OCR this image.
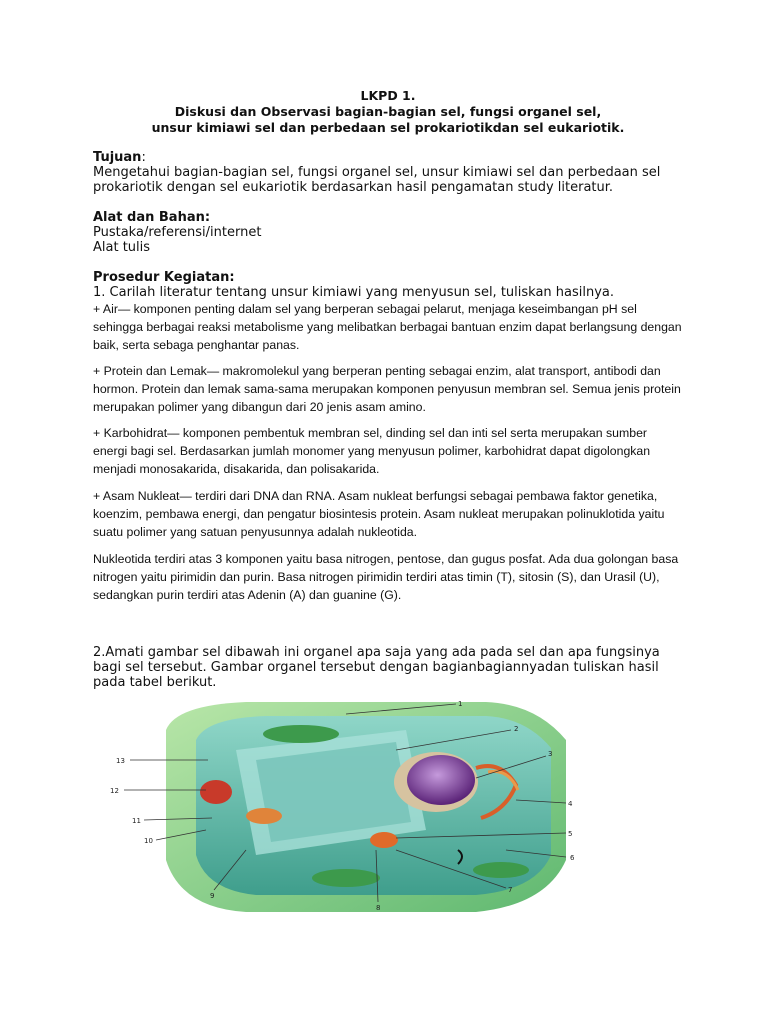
LKPD 1.
Diskusi dan Observasi bagian-bagian sel, fungsi organel sel,
unsur kimiawi sel dan perbedaan sel prokariotikdan sel eukariotik.
Tujuan:
Mengetahui bagian-bagian sel, fungsi organel sel, unsur kimiawi sel dan perbedaan sel prokariotik dengan sel eukariotik berdasarkan hasil pengamatan study literatur.
Alat dan Bahan:
Pustaka/referensi/internet
Alat tulis
Prosedur Kegiatan:
1. Carilah literatur tentang unsur kimiawi yang menyusun sel, tuliskan hasilnya.
+ Air— komponen penting dalam sel yang berperan sebagai pelarut, menjaga keseimbangan pH sel sehingga berbagai reaksi metabolisme yang melibatkan berbagai bantuan enzim dapat berlangsung dengan baik, serta sebaga penghantar panas.
+ Protein dan Lemak— makromolekul yang berperan penting sebagai enzim, alat transport, antibodi dan hormon. Protein dan lemak sama-sama merupakan komponen penyusun membran sel. Semua jenis protein merupakan polimer yang dibangun dari 20 jenis asam amino.
+ Karbohidrat— komponen pembentuk membran sel, dinding sel dan inti sel serta merupakan sumber energi bagi sel. Berdasarkan jumlah monomer yang menyusun polimer, karbohidrat dapat digolongkan menjadi monosakarida, disakarida, dan polisakarida.
+ Asam Nukleat— terdiri dari DNA dan RNA. Asam nukleat berfungsi sebagai pembawa faktor genetika, koenzim, pembawa energi, dan pengatur biosintesis protein. Asam nukleat merupakan polinuklotida yaitu suatu polimer yang satuan penyusunnya adalah nukleotida.
Nukleotida terdiri atas 3 komponen yaitu basa nitrogen, pentose, dan gugus posfat. Ada dua golongan basa nitrogen yaitu pirimidin dan purin. Basa nitrogen pirimidin terdiri atas timin (T), sitosin (S), dan Urasil (U), sedangkan purin terdiri atas Adenin (A) dan guanine (G).
2.Amati gambar sel dibawah ini organel apa saja yang ada pada sel dan apa fungsinya bagi sel tersebut. Gambar organel tersebut dengan bagianbagiannyadan tuliskan hasil pada tabel berikut.
1
2
3
4
5
6
7
8
9
10
11
12
13
